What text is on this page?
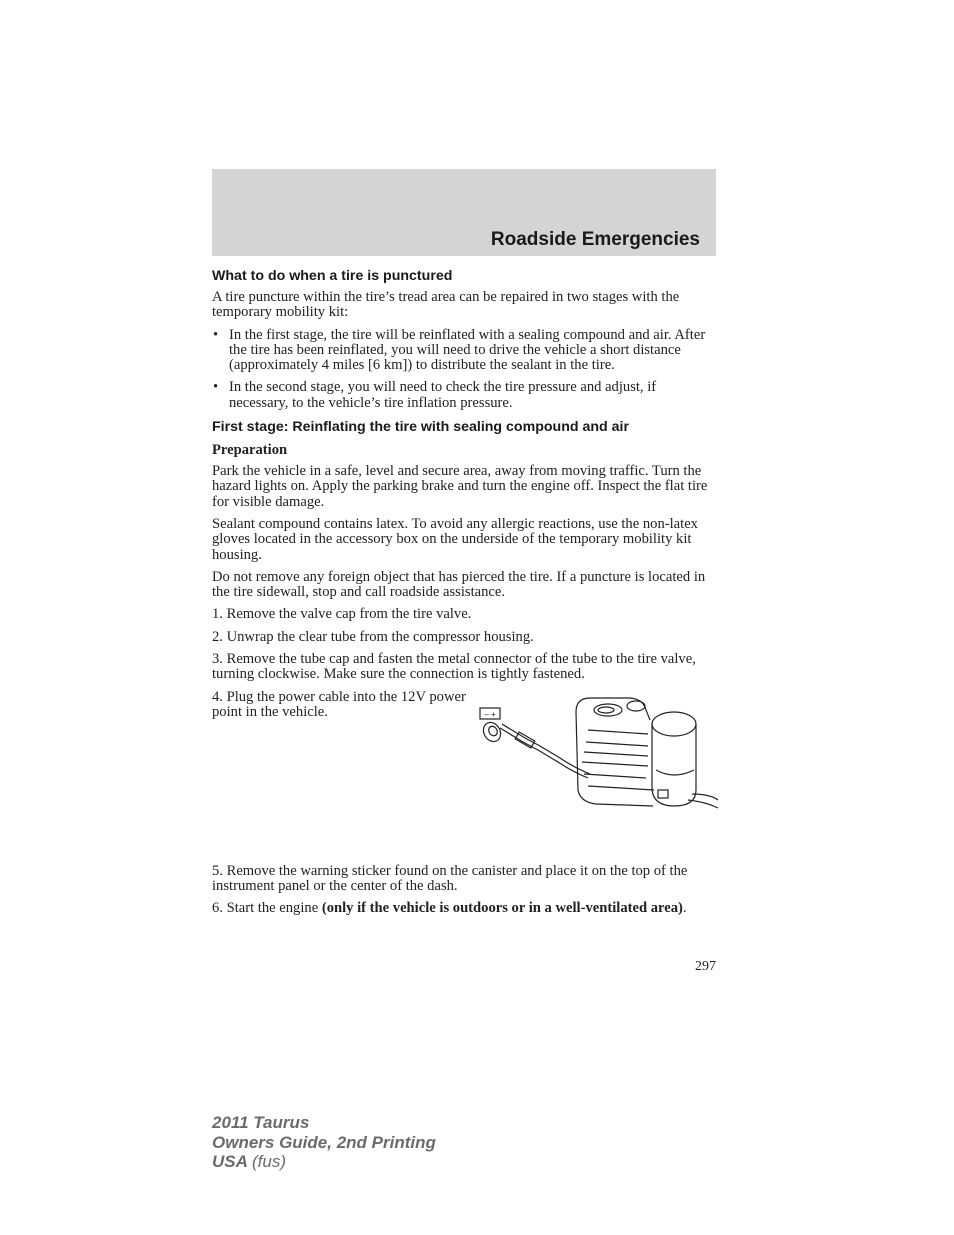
Roadside Emergencies
What to do when a tire is punctured

A tire puncture within the tire’s tread area can be repaired in two stages with the temporary mobility kit:

• In the first stage, the tire will be reinflated with a sealing compound and air. After the tire has been reinflated, you will need to drive the vehicle a short distance (approximately 4 miles [6 km]) to distribute the sealant in the tire.
• In the second stage, you will need to check the tire pressure and adjust, if necessary, to the vehicle’s tire inflation pressure.
First stage: Reinflating the tire with sealing compound and air

Preparation

Park the vehicle in a safe, level and secure area, away from moving traffic. Turn the hazard lights on. Apply the parking brake and turn the engine off. Inspect the flat tire for visible damage.

Sealant compound contains latex. To avoid any allergic reactions, use the non-latex gloves located in the accessory box on the underside of the temporary mobility kit housing.

Do not remove any foreign object that has pierced the tire. If a puncture is located in the tire sidewall, stop and call roadside assistance.

1. Remove the valve cap from the tire valve.

2. Unwrap the clear tube from the compressor housing.

3. Remove the tube cap and fasten the metal connector of the tube to the tire valve, turning clockwise. Make sure the connection is tightly fastened.

4. Plug the power cable into the 12V power point in the vehicle.	– +

5. Remove the warning sticker found on the canister and place it on the top of the instrument panel or the center of the dash.

6. Start the engine (only if the vehicle is outdoors or in a well-ventilated area).

297
2011 Taurus
Owners Guide, 2nd Printing
USA (fus)
